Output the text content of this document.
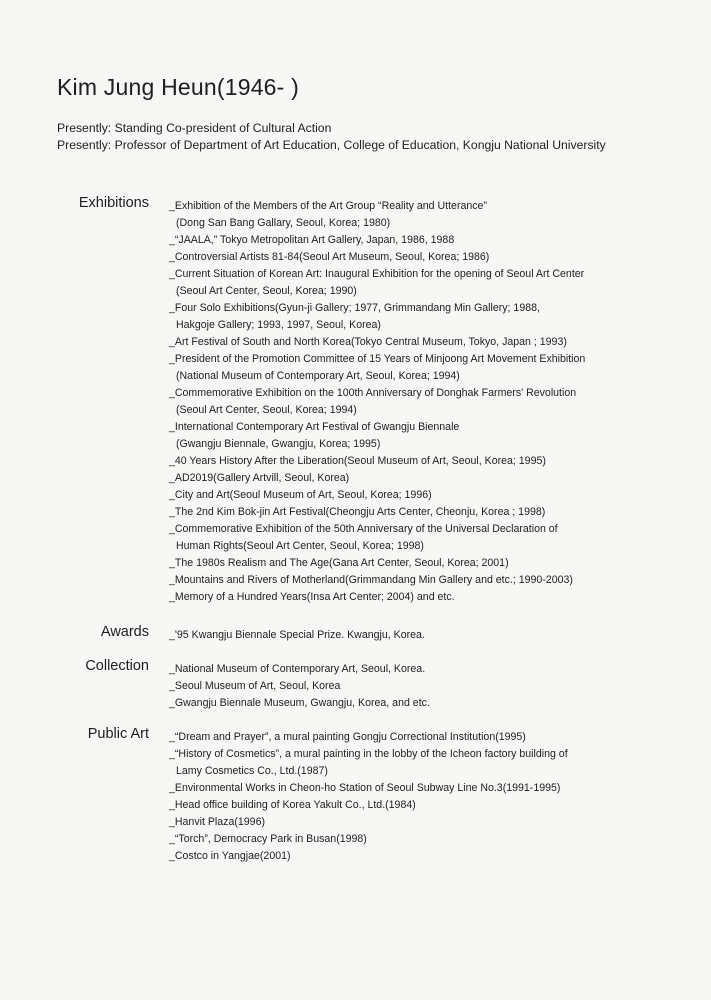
Kim Jung Heun(1946- )
Presently: Standing Co-president of Cultural Action
Presently: Professor of Department of Art Education, College of Education, Kongju National University
Exhibitions _Exhibition of the Members of the Art Group “Reality and Utterance”
(Dong San Bang Gallary, Seoul, Korea; 1980)
_“JAALA,” Tokyo Metropolitan Art Gallery, Japan, 1986, 1988
_Controversial Artists 81-84(Seoul Art Museum, Seoul, Korea; 1986)
_Current Situation of Korean Art: Inaugural Exhibition for the opening of Seoul Art Center
(Seoul Art Center, Seoul, Korea; 1990)
_Four Solo Exhibitions(Gyun-ji Gallery; 1977, Grimmandang Min Gallery; 1988,
Hakgoje Gallery; 1993, 1997, Seoul, Korea)
_Art Festival of South and North Korea(Tokyo Central Museum, Tokyo, Japan ; 1993)
_President of the Promotion Committee of 15 Years of Minjoong Art Movement Exhibition
(National Museum of Contemporary Art, Seoul, Korea; 1994)
_Commemorative Exhibition on the 100th Anniversary of Donghak Farmers' Revolution
(Seoul Art Center, Seoul, Korea; 1994)
_International Contemporary Art Festival of Gwangju Biennale
(Gwangju Biennale, Gwangju, Korea; 1995)
_40 Years History After the Liberation(Seoul Museum of Art, Seoul, Korea; 1995)
_AD2019(Gallery Artvill, Seoul, Korea)
_City and Art(Seoul Museum of Art, Seoul, Korea; 1996)
_The 2nd Kim Bok-jin Art Festival(Cheongju Arts Center, Cheonju, Korea ; 1998)
_Commemorative Exhibition of the 50th Anniversary of the Universal Declaration of
Human Rights(Seoul Art Center, Seoul, Korea; 1998)
_The 1980s Realism and The Age(Gana Art Center, Seoul, Korea; 2001)
_Mountains and Rivers of Motherland(Grimmandang Min Gallery and etc.; 1990-2003)
_Memory of a Hundred Years(Insa Art Center; 2004) and etc.
Awards _'95 Kwangju Biennale Special Prize. Kwangju, Korea.
Collection _National Museum of Contemporary Art, Seoul, Korea.
_Seoul Museum of Art, Seoul, Korea
_Gwangju Biennale Museum, Gwangju, Korea, and etc.
Public Art _“Dream and Prayer”, a mural painting Gongju Correctional Institution(1995)
_“History of Cosmetics”, a mural painting in the lobby of the Icheon factory building of
Lamy Cosmetics Co., Ltd.(1987)
_Environmental Works in Cheon-ho Station of Seoul Subway Line No.3(1991-1995)
_Head office building of Korea Yakult Co., Ltd.(1984)
_Hanvit Plaza(1996)
_“Torch”, Democracy Park in Busan(1998)
_Costco in Yangjae(2001)
